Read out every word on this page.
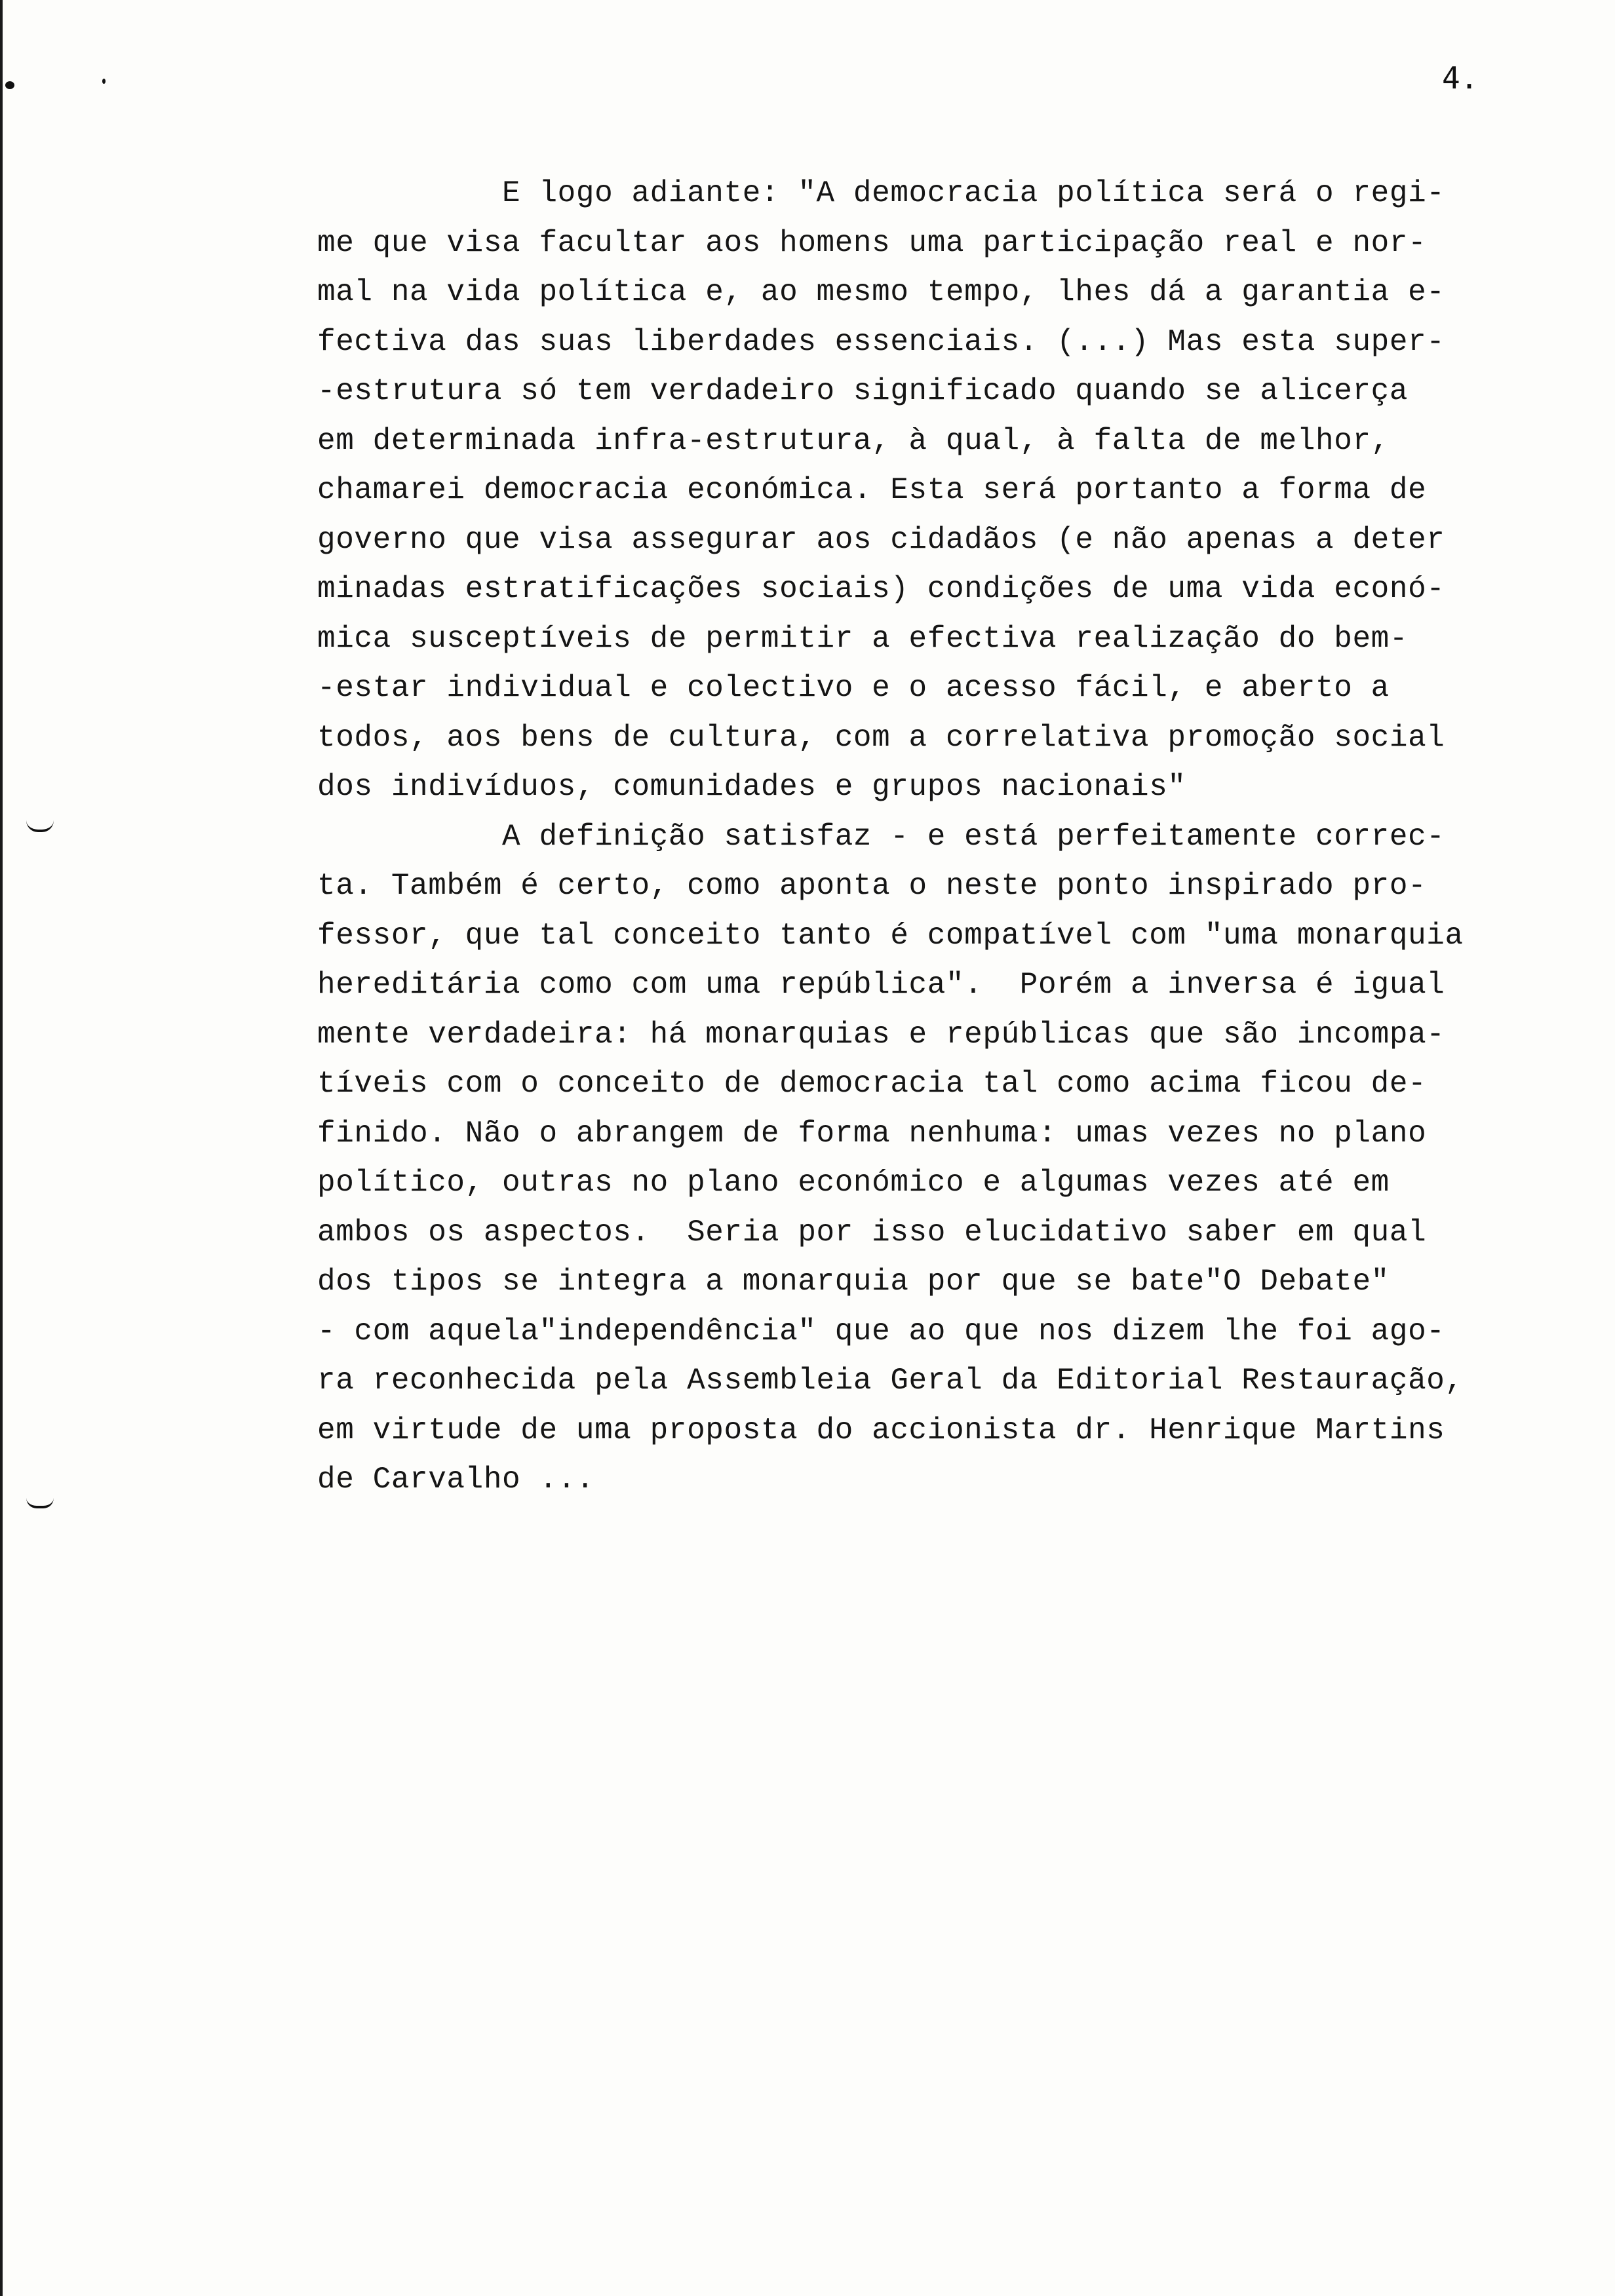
4.
E logo adiante: "A democracia política será o regi-
me que visa facultar aos homens uma participação real e nor-
mal na vida política e, ao mesmo tempo, lhes dá a garantia e-
fectiva das suas liberdades essenciais. (...) Mas esta super-
-estrutura só tem verdadeiro significado quando se alicerça
em determinada infra-estrutura, à qual, à falta de melhor,
chamarei democracia económica. Esta será portanto a forma de
governo que visa assegurar aos cidadãos (e não apenas a deter
minadas estratificações sociais) condições de uma vida econó-
mica susceptíveis de permitir a efectiva realização do bem-
-estar individual e colectivo e o acesso fácil, e aberto a
todos, aos bens de cultura, com a correlativa promoção social
dos indivíduos, comunidades e grupos nacionais"
A definição satisfaz - e está perfeitamente correc-
ta. Também é certo, como aponta o neste ponto inspirado pro-
fessor, que tal conceito tanto é compatível com "uma monarquia
hereditária como com uma república".  Porém a inversa é igual
mente verdadeira: há monarquias e repúblicas que são incompa-
tíveis com o conceito de democracia tal como acima ficou de-
finido. Não o abrangem de forma nenhuma: umas vezes no plano
político, outras no plano económico e algumas vezes até em
ambos os aspectos.  Seria por isso elucidativo saber em qual
dos tipos se integra a monarquia por que se bate"O Debate"
- com aquela"independência" que ao que nos dizem lhe foi ago-
ra reconhecida pela Assembleia Geral da Editorial Restauração,
em virtude de uma proposta do accionista dr. Henrique Martins
de Carvalho ...
